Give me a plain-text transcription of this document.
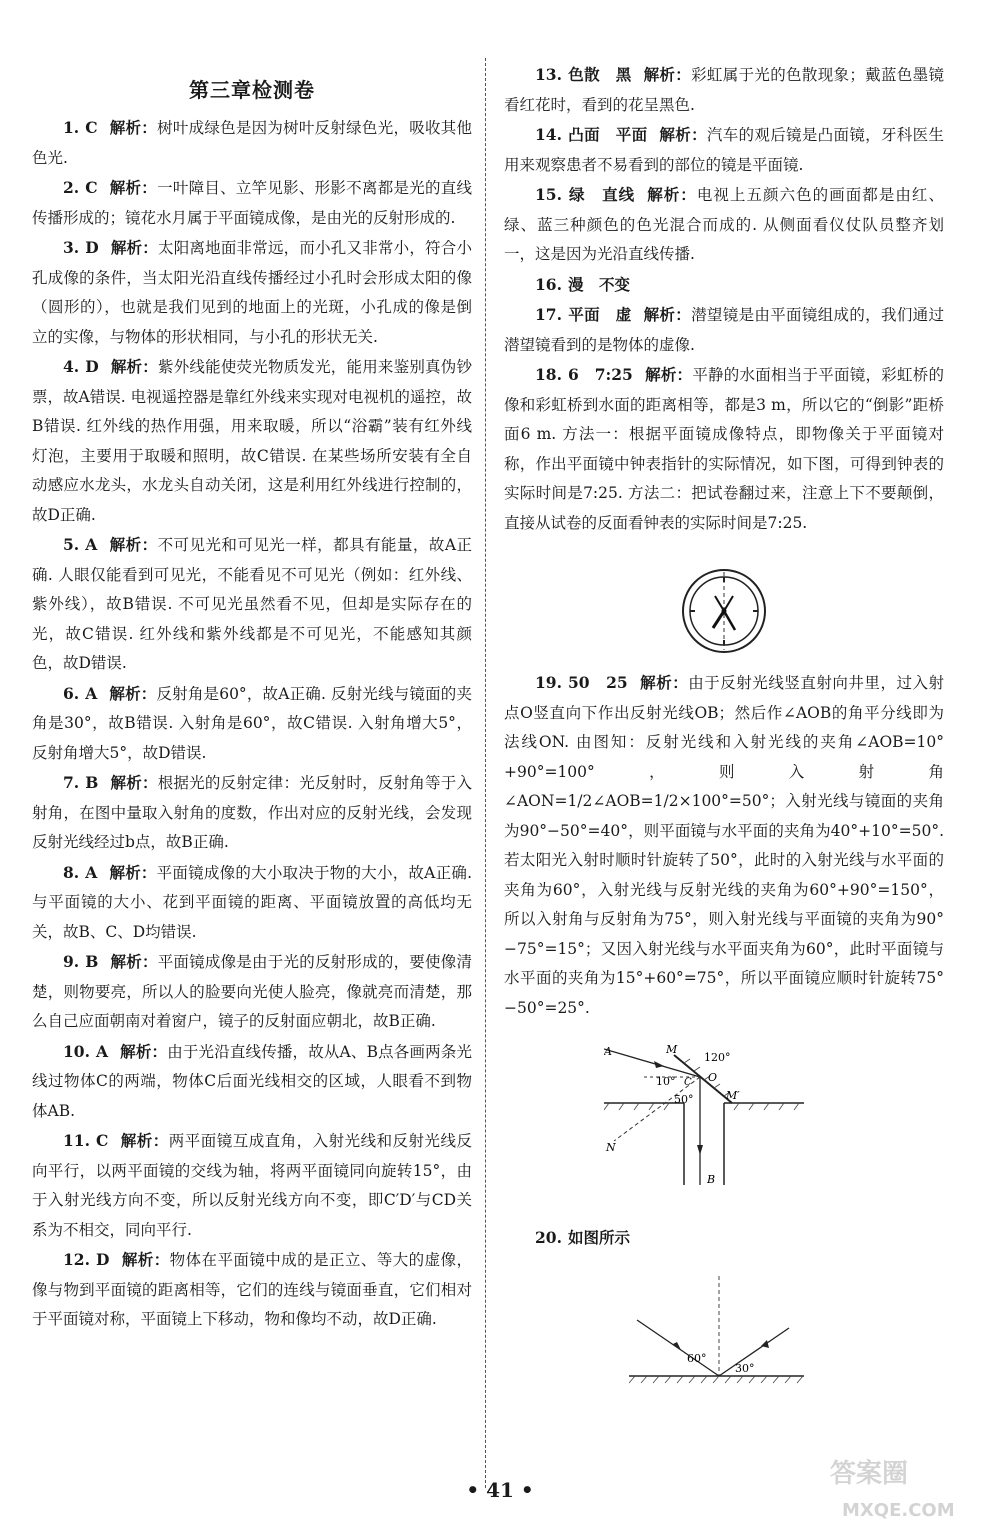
第三章检测卷

1. C 解析：树叶成绿色是因为树叶反射绿色光，吸收其他色光.

2. C 解析：一叶障目、立竿见影、形影不离都是光的直线传播形成的；镜花水月属于平面镜成像，是由光的反射形成的.

3. D 解析：太阳离地面非常远，而小孔又非常小，符合小孔成像的条件，当太阳光沿直线传播经过小孔时会形成太阳的像（圆形的），也就是我们见到的地面上的光斑，小孔成的像是倒立的实像，与物体的形状相同，与小孔的形状无关.

4. D 解析：紫外线能使荧光物质发光，能用来鉴别真伪钞票，故A错误. 电视遥控器是靠红外线来实现对电视机的遥控，故B错误. 红外线的热作用强，用来取暖，所以“浴霸”装有红外线灯泡，主要用于取暖和照明，故C错误. 在某些场所安装有全自动感应水龙头，水龙头自动关闭，这是利用红外线进行控制的，故D正确.

5. A 解析：不可见光和可见光一样，都具有能量，故A正确. 人眼仅能看到可见光，不能看见不可见光（例如：红外线、紫外线），故B错误. 不可见光虽然看不见，但却是实际存在的光，故C错误. 红外线和紫外线都是不可见光，不能感知其颜色，故D错误.

6. A 解析：反射角是60°，故A正确. 反射光线与镜面的夹角是30°，故B错误. 入射角是60°，故C错误. 入射角增大5°，反射角增大5°，故D错误.

7. B 解析：根据光的反射定律：光反射时，反射角等于入射角，在图中量取入射角的度数，作出对应的反射光线，会发现反射光线经过b点，故B正确.

8. A 解析：平面镜成像的大小取决于物的大小，故A正确. 与平面镜的大小、花到平面镜的距离、平面镜放置的高低均无关，故B、C、D均错误.

9. B 解析：平面镜成像是由于光的反射形成的，要使像清楚，则物要亮，所以人的脸要向光使人脸亮，像就亮而清楚，那么自己应面朝南对着窗户，镜子的反射面应朝北，故B正确.

10. A 解析：由于光沿直线传播，故从A、B点各画两条光线过物体C的两端，物体C后面光线相交的区域，人眼看不到物体AB.

11. C 解析：两平面镜互成直角，入射光线和反射光线反向平行，以两平面镜的交线为轴，将两平面镜同向旋转15°，由于入射光线方向不变，所以反射光线方向不变，即C′D′与CD关系为不相交，同向平行.

12. D 解析：物体在平面镜中成的是正立、等大的虚像，像与物到平面镜的距离相等，它们的连线与镜面垂直，它们相对于平面镜对称，平面镜上下移动，物和像均不动，故D正确.

13. 色散　黑 解析：彩虹属于光的色散现象；戴蓝色墨镜看红花时，看到的花呈黑色.

14. 凸面　平面 解析：汽车的观后镜是凸面镜，牙科医生用来观察患者不易看到的部位的镜是平面镜.

15. 绿　直线 解析：电视上五颜六色的画面都是由红、绿、蓝三种颜色的色光混合而成的. 从侧面看仪仗队员整齐划一，这是因为光沿直线传播.

16. 漫　不变

17. 平面　虚 解析：潜望镜是由平面镜组成的，我们通过潜望镜看到的是物体的虚像.

18. 6　7:25 解析：平静的水面相当于平面镜，彩虹桥的像和彩虹桥到水面的距离相等，都是3 m，所以它的“倒影”距桥面6 m. 方法一：根据平面镜成像特点，即物像关于平面镜对称，作出平面镜中钟表指针的实际情况，如下图，可得到钟表的实际时间是7:25. 方法二：把试卷翻过来，注意上下不要颠倒，直接从试卷的反面看钟表的实际时间是7:25.

19. 50　25 解析：由于反射光线竖直射向井里，过入射点O竖直向下作出反射光线OB；然后作∠AOB的角平分线即为法线ON. 由图知：反射光线和入射光线的夹角∠AOB=10°+90°=100°，则入射角∠AON=1/2∠AOB=1/2×100°=50°；入射光线与镜面的夹角为90°−50°=40°，则平面镜与水平面的夹角为40°+10°=50°. 若太阳光入射时顺时针旋转了50°，此时的入射光线与水平面的夹角为60°，入射光线与反射光线的夹角为60°+90°=150°，所以入射角与反射角为75°，则入射光线与平面镜的夹角为90°−75°=15°；又因入射光线与水平面夹角为60°，此时平面镜与水平面的夹角为15°+60°=75°，所以平面镜应顺时针旋转75°−50°=25°.

A	M
120°
10° C O
50°	M′
N
B

20. 如图所示

60°
30°
• 41 •
答案圈
MXQE.COM
